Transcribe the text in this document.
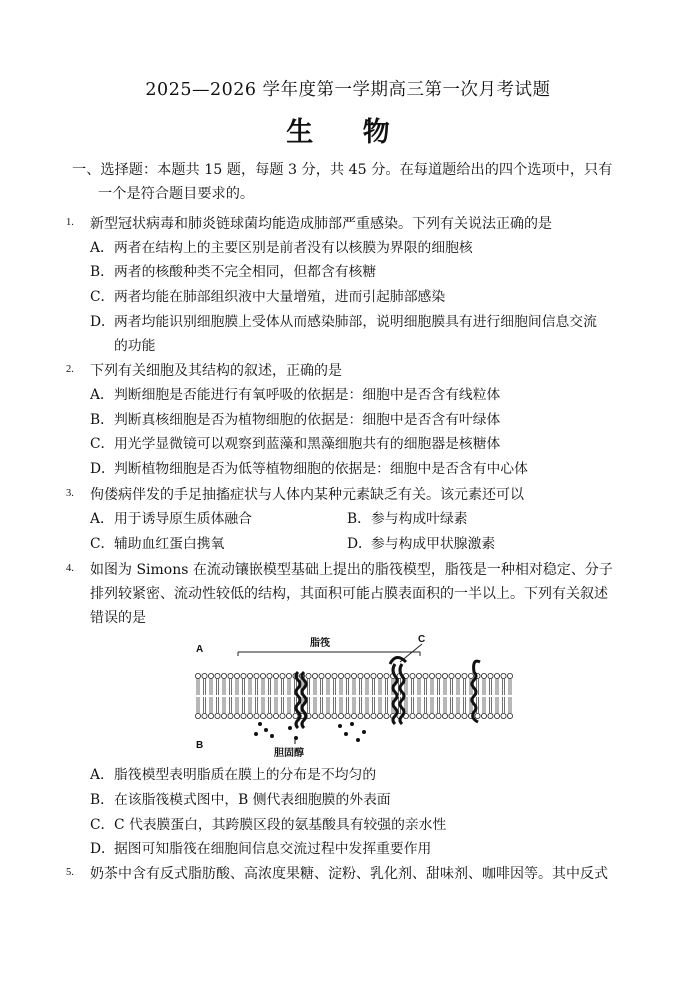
2025—2026 学年度第一学期高三第一次月考试题
生 物
一、选择题：本题共 15 题，每题 3 分，共 45 分。在每道题给出的四个选项中，只有
一个是符合题目要求的。
1. 新型冠状病毒和肺炎链球菌均能造成肺部严重感染。下列有关说法正确的是
A．两者在结构上的主要区别是前者没有以核膜为界限的细胞核
B．两者的核酸种类不完全相同，但都含有核糖
C．两者均能在肺部组织液中大量增殖，进而引起肺部感染
D．两者均能识别细胞膜上受体从而感染肺部，说明细胞膜具有进行细胞间信息交流
的功能
2. 下列有关细胞及其结构的叙述，正确的是
A．判断细胞是否能进行有氧呼吸的依据是：细胞中是否含有线粒体
B．判断真核细胞是否为植物细胞的依据是：细胞中是否含有叶绿体
C．用光学显微镜可以观察到蓝藻和黑藻细胞共有的细胞器是核糖体
D．判断植物细胞是否为低等植物细胞的依据是：细胞中是否含有中心体
3. 佝偻病伴发的手足抽搐症状与人体内某种元素缺乏有关。该元素还可以
A．用于诱导原生质体融合	B．参与构成叶绿素
C．辅助血红蛋白携氧	D．参与构成甲状腺激素
4. 如图为 Simons 在流动镶嵌模型基础上提出的脂筏模型，脂筏是一种相对稳定、分子
排列较紧密、流动性较低的结构，其面积可能占膜表面积的一半以上。下列有关叙述
错误的是
A
B
C
脂筏
胆固醇
A. 脂筏模型表明脂质在膜上的分布是不均匀的
B．在该脂筏模式图中，B 侧代表细胞膜的外表面
C．C 代表膜蛋白，其跨膜区段的氨基酸具有较强的亲水性
D．据图可知脂筏在细胞间信息交流过程中发挥重要作用
5. 奶茶中含有反式脂肪酸、高浓度果糖、淀粉、乳化剂、甜味剂、咖啡因等。其中反式
